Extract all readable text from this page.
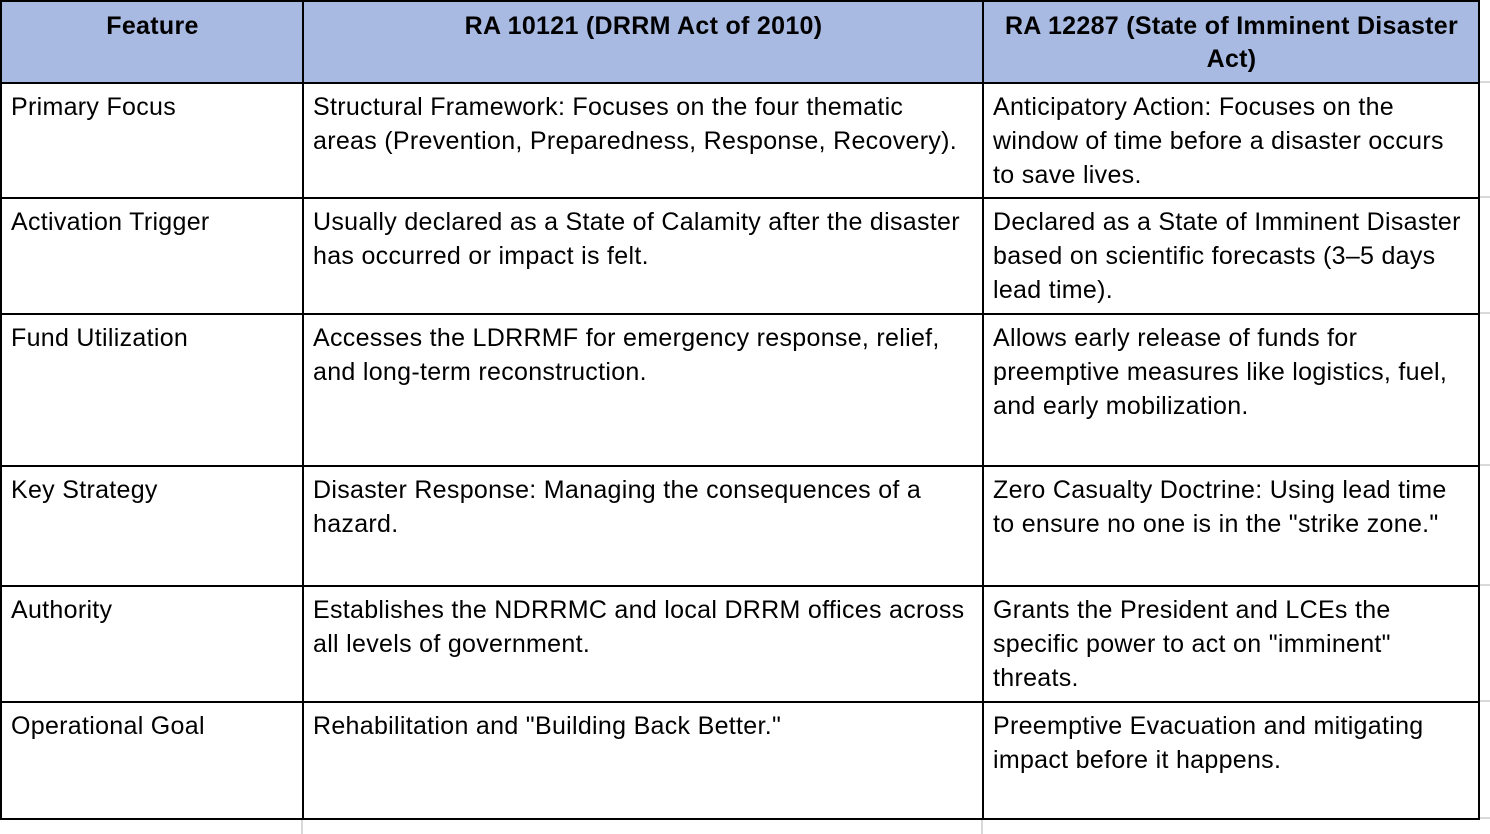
Feature	RA 10121 (DRRM Act of 2010)	RA 12287 (State of Imminent Disaster Act)
Primary Focus	Structural Framework: Focuses on the four thematic areas (Prevention, Preparedness, Response, Recovery).	Anticipatory Action: Focuses on the window of time before a disaster occurs to save lives.
Activation Trigger	Usually declared as a State of Calamity after the disaster has occurred or impact is felt.	Declared as a State of Imminent Disaster based on scientific forecasts (3–5 days lead time).
Fund Utilization	Accesses the LDRRMF for emergency response, relief, and long-term reconstruction.	Allows early release of funds for preemptive measures like logistics, fuel, and early mobilization.
Key Strategy	Disaster Response: Managing the consequences of a hazard.	Zero Casualty Doctrine: Using lead time to ensure no one is in the "strike zone."
Authority	Establishes the NDRRMC and local DRRM offices across all levels of government.	Grants the President and LCEs the specific power to act on "imminent" threats.
Operational Goal	Rehabilitation and "Building Back Better."	Preemptive Evacuation and mitigating impact before it happens.
